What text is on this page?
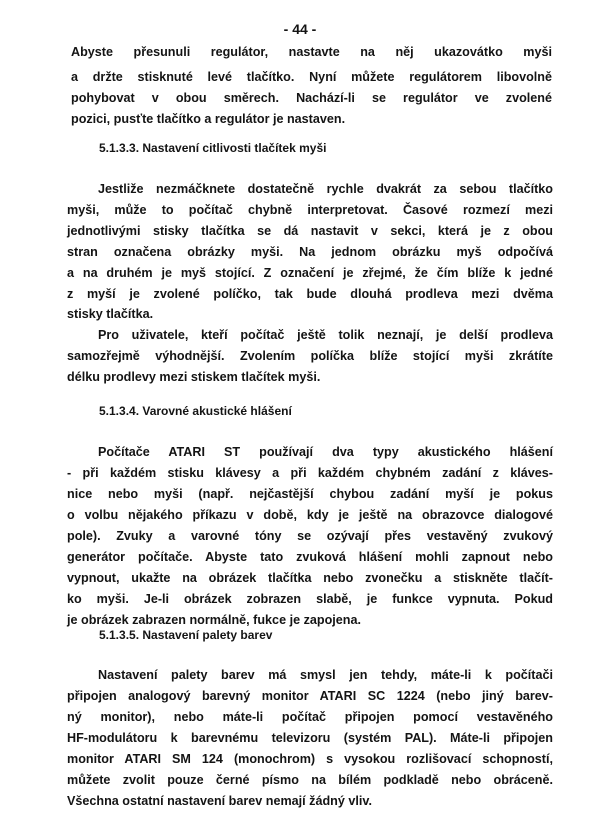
- 44 -

Abyste přesunuli regulátor, nastavte na něj ukazovátko myši

a držte stisknuté levé tlačítko. Nyní můžete regulátorem libovolně

pohybovat v obou směrech. Nachází-li se regulátor ve zvolené

pozici, pusťte tlačítko a regulátor je nastaven.

5.1.3.3. Nastavení citlivosti tlačítek myši

Jestliže nezmáčknete dostatečně rychle dvakrát za sebou tlačítko

myši, může to počítač chybně interpretovat. Časové rozmezí mezi

jednotlivými stisky tlačítka se dá nastavit v sekci, která je z obou

stran označena obrázky myši. Na jednom obrázku myš odpočívá

a na druhém je myš stojící. Z označení je zřejmé, že čím blíže k jedné

z myší je zvolené políčko, tak bude dlouhá prodleva mezi dvěma

stisky tlačítka.

Pro uživatele, kteří počítač ještě tolik neznají, je delší prodleva

samozřejmě výhodnější. Zvolením políčka blíže stojící myši zkrátíte

délku prodlevy mezi stiskem tlačítek myši.

5.1.3.4. Varovné akustické hlášení

Počítače ATARI ST používají dva typy akustického hlášení

- při každém stisku klávesy a při každém chybném zadání z kláves-

nice nebo myši (např. nejčastější chybou zadání myší je pokus

o volbu nějakého příkazu v době, kdy je ještě na obrazovce dialogové

pole). Zvuky a varovné tóny se ozývají přes vestavěný zvukový

generátor počítače. Abyste tato zvuková hlášení mohli zapnout nebo

vypnout, ukažte na obrázek tlačítka nebo zvonečku a stiskněte tlačít-

ko myši. Je-li obrázek zobrazen slabě, je funkce vypnuta. Pokud

je obrázek zabrazen normálně, fukce je zapojena.

5.1.3.5. Nastavení palety barev

Nastavení palety barev má smysl jen tehdy, máte-li k počítači

připojen analogový barevný monitor ATARI SC 1224 (nebo jiný barev-

ný monitor), nebo máte-li počítač připojen pomocí vestavěného

HF-modulátoru k barevnému televizoru (systém PAL). Máte-li připojen

monitor ATARI SM 124 (monochrom) s vysokou rozlišovací schopností,

můžete zvolit pouze černé písmo na bílém podkladě nebo obráceně.

Všechna ostatní nastavení barev nemají žádný vliv.
